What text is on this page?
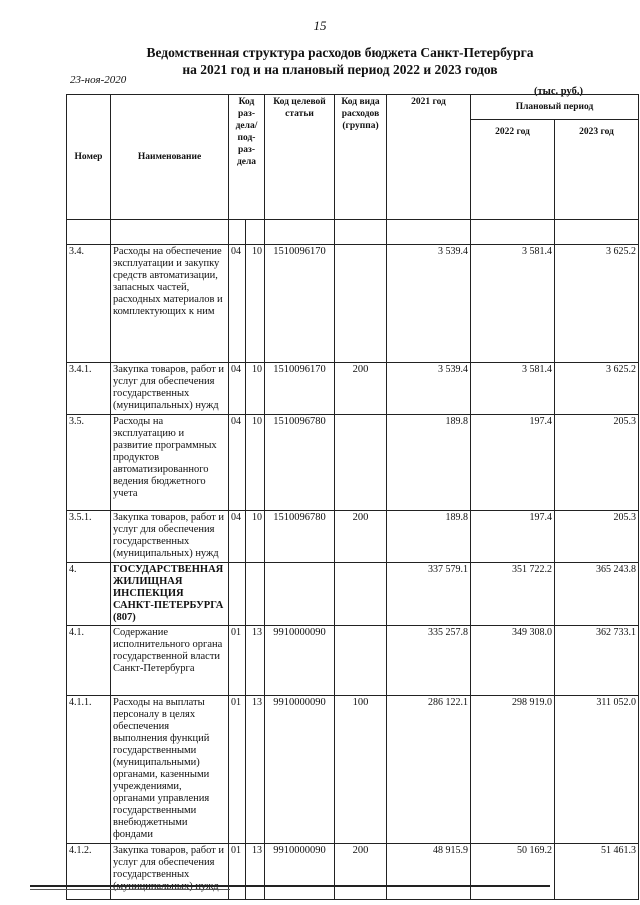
15
Ведомственная структура расходов бюджета Санкт-Петербурга
на 2021 год и на плановый период 2022 и 2023 годов
23-ноя-2020
(тыс. руб.)
Номер	Наименование	Код раз-дела/ под-раз-дела		Код целевой статьи	Код вида расходов (группа)	2021 год	Плановый период	
							2022 год	2023 год

3.4.	Расходы на обеспечение эксплуатации и закупку средств автоматизации, запасных частей, расходных материалов и комплектующих к ним	04	10	1510096170		3 539.4	3 581.4	3 625.2
3.4.1.	Закупка товаров, работ и услуг для обеспечения государственных (муниципальных) нужд	04	10	1510096170	200	3 539.4	3 581.4	3 625.2
3.5.	Расходы на эксплуатацию и развитие программных продуктов автоматизированного ведения бюджетного учета	04	10	1510096780		189.8	197.4	205.3
3.5.1.	Закупка товаров, работ и услуг для обеспечения государственных (муниципальных) нужд	04	10	1510096780	200	189.8	197.4	205.3
4.	ГОСУДАРСТВЕННАЯ ЖИЛИЩНАЯ ИНСПЕКЦИЯ САНКТ-ПЕТЕРБУРГА (807)					337 579.1	351 722.2	365 243.8
4.1.	Содержание исполнительного органа государственной власти Санкт-Петербурга	01	13	9910000090		335 257.8	349 308.0	362 733.1
4.1.1.	Расходы на выплаты персоналу в целях обеспечения выполнения функций государственными (муниципальными) органами, казенными учреждениями, органами управления государственными внебюджетными фондами	01	13	9910000090	100	286 122.1	298 919.0	311 052.0
4.1.2.	Закупка товаров, работ и услуг для обеспечения государственных (муниципальных) нужд	01	13	9910000090	200	48 915.9	50 169.2	51 461.3
